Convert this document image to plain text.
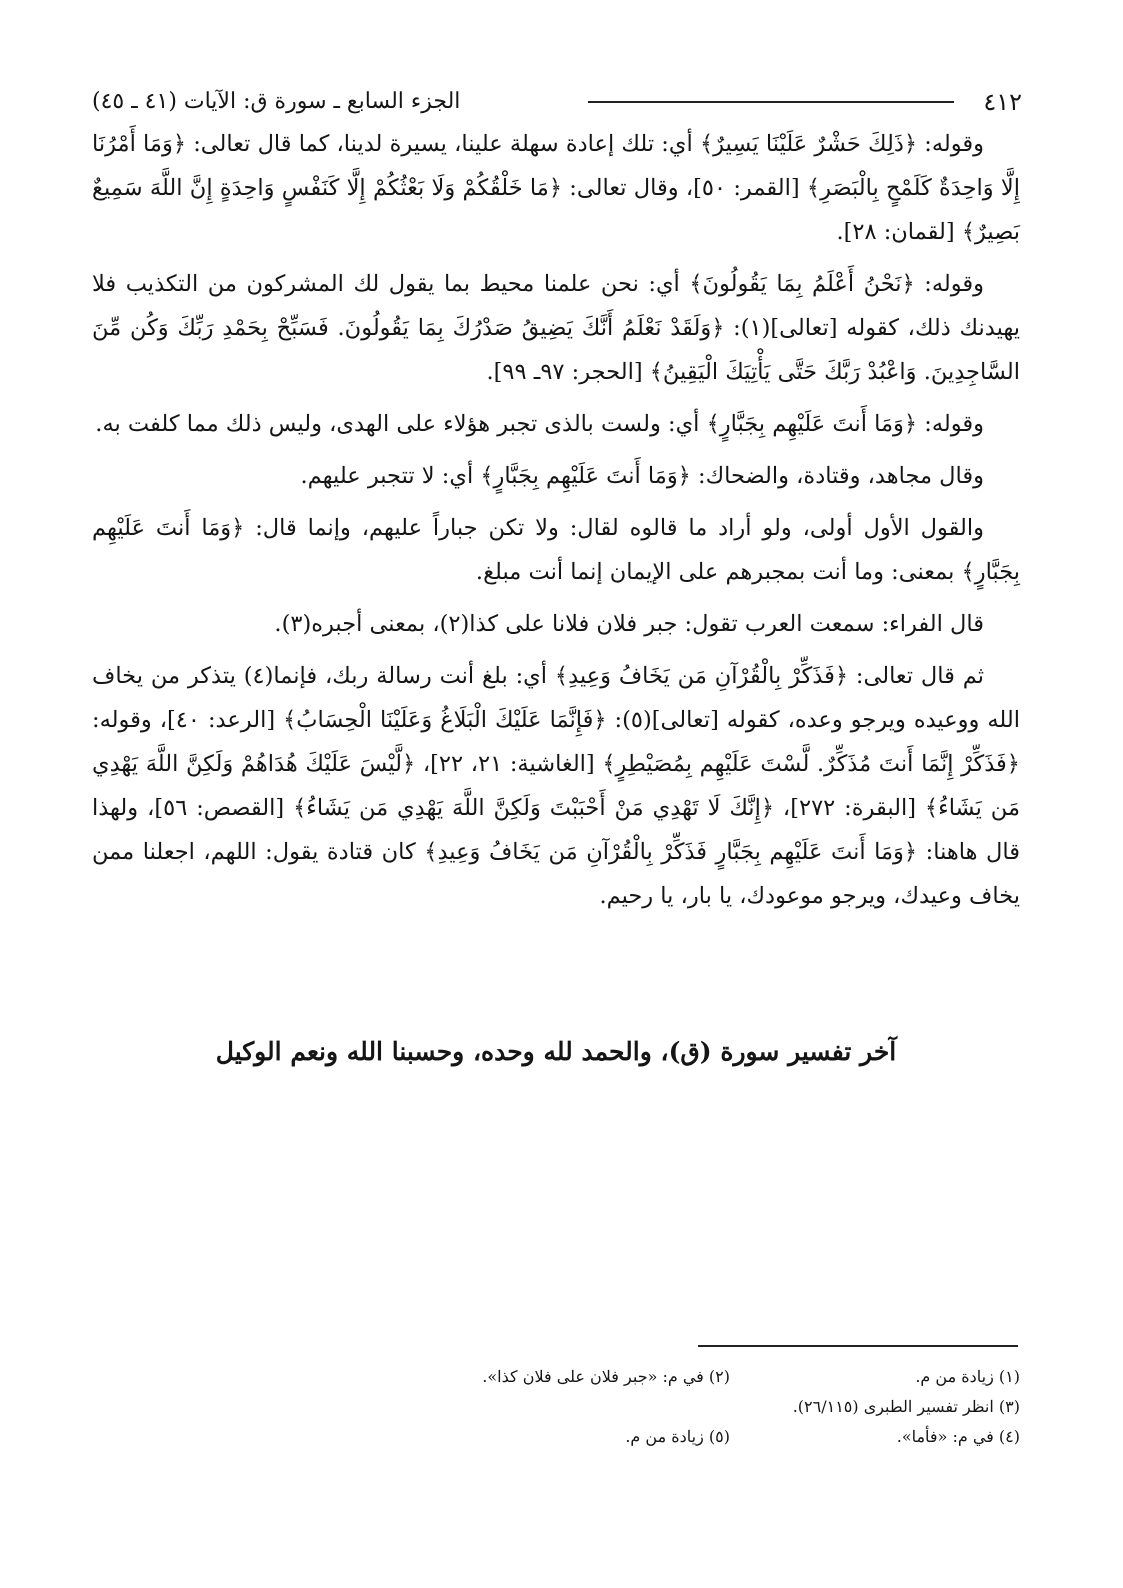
٤١٢
الجزء السابع ـ سورة ق: الآيات (٤١ ـ ٤٥)

وقوله: ﴿ذَلِكَ حَشْرٌ عَلَيْنَا يَسِيرٌ﴾ أي: تلك إعادة سهلة علينا، يسيرة لدينا، كما قال تعالى: ﴿وَمَا أَمْرُنَا إِلَّا وَاحِدَةٌ كَلَمْحٍ بِالْبَصَرِ﴾ [القمر: ٥٠]، وقال تعالى: ﴿مَا خَلْقُكُمْ وَلَا بَعْثُكُمْ إِلَّا كَنَفْسٍ وَاحِدَةٍ إِنَّ اللَّهَ سَمِيعٌ بَصِيرٌ﴾ [لقمان: ٢٨].

وقوله: ﴿نَحْنُ أَعْلَمُ بِمَا يَقُولُونَ﴾ أي: نحن علمنا محيط بما يقول لك المشركون من التكذيب فلا يهيدنك ذلك، كقوله [تعالى](١): ﴿وَلَقَدْ نَعْلَمُ أَنَّكَ يَضِيقُ صَدْرُكَ بِمَا يَقُولُونَ. فَسَبِّحْ بِحَمْدِ رَبِّكَ وَكُن مِّنَ السَّاجِدِينَ. وَاعْبُدْ رَبَّكَ حَتَّى يَأْتِيَكَ الْيَقِينُ﴾ [الحجر: ٩٧ـ ٩٩].

وقوله: ﴿وَمَا أَنتَ عَلَيْهِم بِجَبَّارٍ﴾ أي: ولست بالذى تجبر هؤلاء على الهدى، وليس ذلك مما كلفت به.

وقال مجاهد، وقتادة، والضحاك: ﴿وَمَا أَنتَ عَلَيْهِم بِجَبَّارٍ﴾ أي: لا تتجبر عليهم.

والقول الأول أولى، ولو أراد ما قالوه لقال: ولا تكن جباراً عليهم، وإنما قال: ﴿وَمَا أَنتَ عَلَيْهِم بِجَبَّارٍ﴾ بمعنى: وما أنت بمجبرهم على الإيمان إنما أنت مبلغ.

قال الفراء: سمعت العرب تقول: جبر فلان فلانا على كذا(٢)، بمعنى أجبره(٣).

ثم قال تعالى: ﴿فَذَكِّرْ بِالْقُرْآنِ مَن يَخَافُ وَعِيدِ﴾ أي: بلغ أنت رسالة ربك، فإنما(٤) يتذكر من يخاف الله ووعيده ويرجو وعده، كقوله [تعالى](٥): ﴿فَإِنَّمَا عَلَيْكَ الْبَلَاغُ وَعَلَيْنَا الْحِسَابُ﴾ [الرعد: ٤٠]، وقوله: ﴿فَذَكِّرْ إِنَّمَا أَنتَ مُذَكِّرٌ. لَّسْتَ عَلَيْهِم بِمُصَيْطِرٍ﴾ [الغاشية: ٢١، ٢٢]، ﴿لَّيْسَ عَلَيْكَ هُدَاهُمْ وَلَكِنَّ اللَّهَ يَهْدِي مَن يَشَاءُ﴾ [البقرة: ٢٧٢]، ﴿إِنَّكَ لَا تَهْدِي مَنْ أَحْبَبْتَ وَلَكِنَّ اللَّهَ يَهْدِي مَن يَشَاءُ﴾ [القصص: ٥٦]، ولهذا قال هاهنا: ﴿وَمَا أَنتَ عَلَيْهِم بِجَبَّارٍ فَذَكِّرْ بِالْقُرْآنِ مَن يَخَافُ وَعِيدِ﴾ كان قتادة يقول: اللهم، اجعلنا ممن يخاف وعيدك، ويرجو موعودك، يا بار، يا رحيم.

آخر تفسير سورة (ق)، والحمد لله وحده، وحسبنا الله ونعم الوكيل
(١) زيادة من م.
(٢) في م: «جبر فلان على فلان كذا».
(٣) انظر تفسير الطبرى (٢٦/١١٥).
(٤) في م: «فأما».
(٥) زيادة من م.
